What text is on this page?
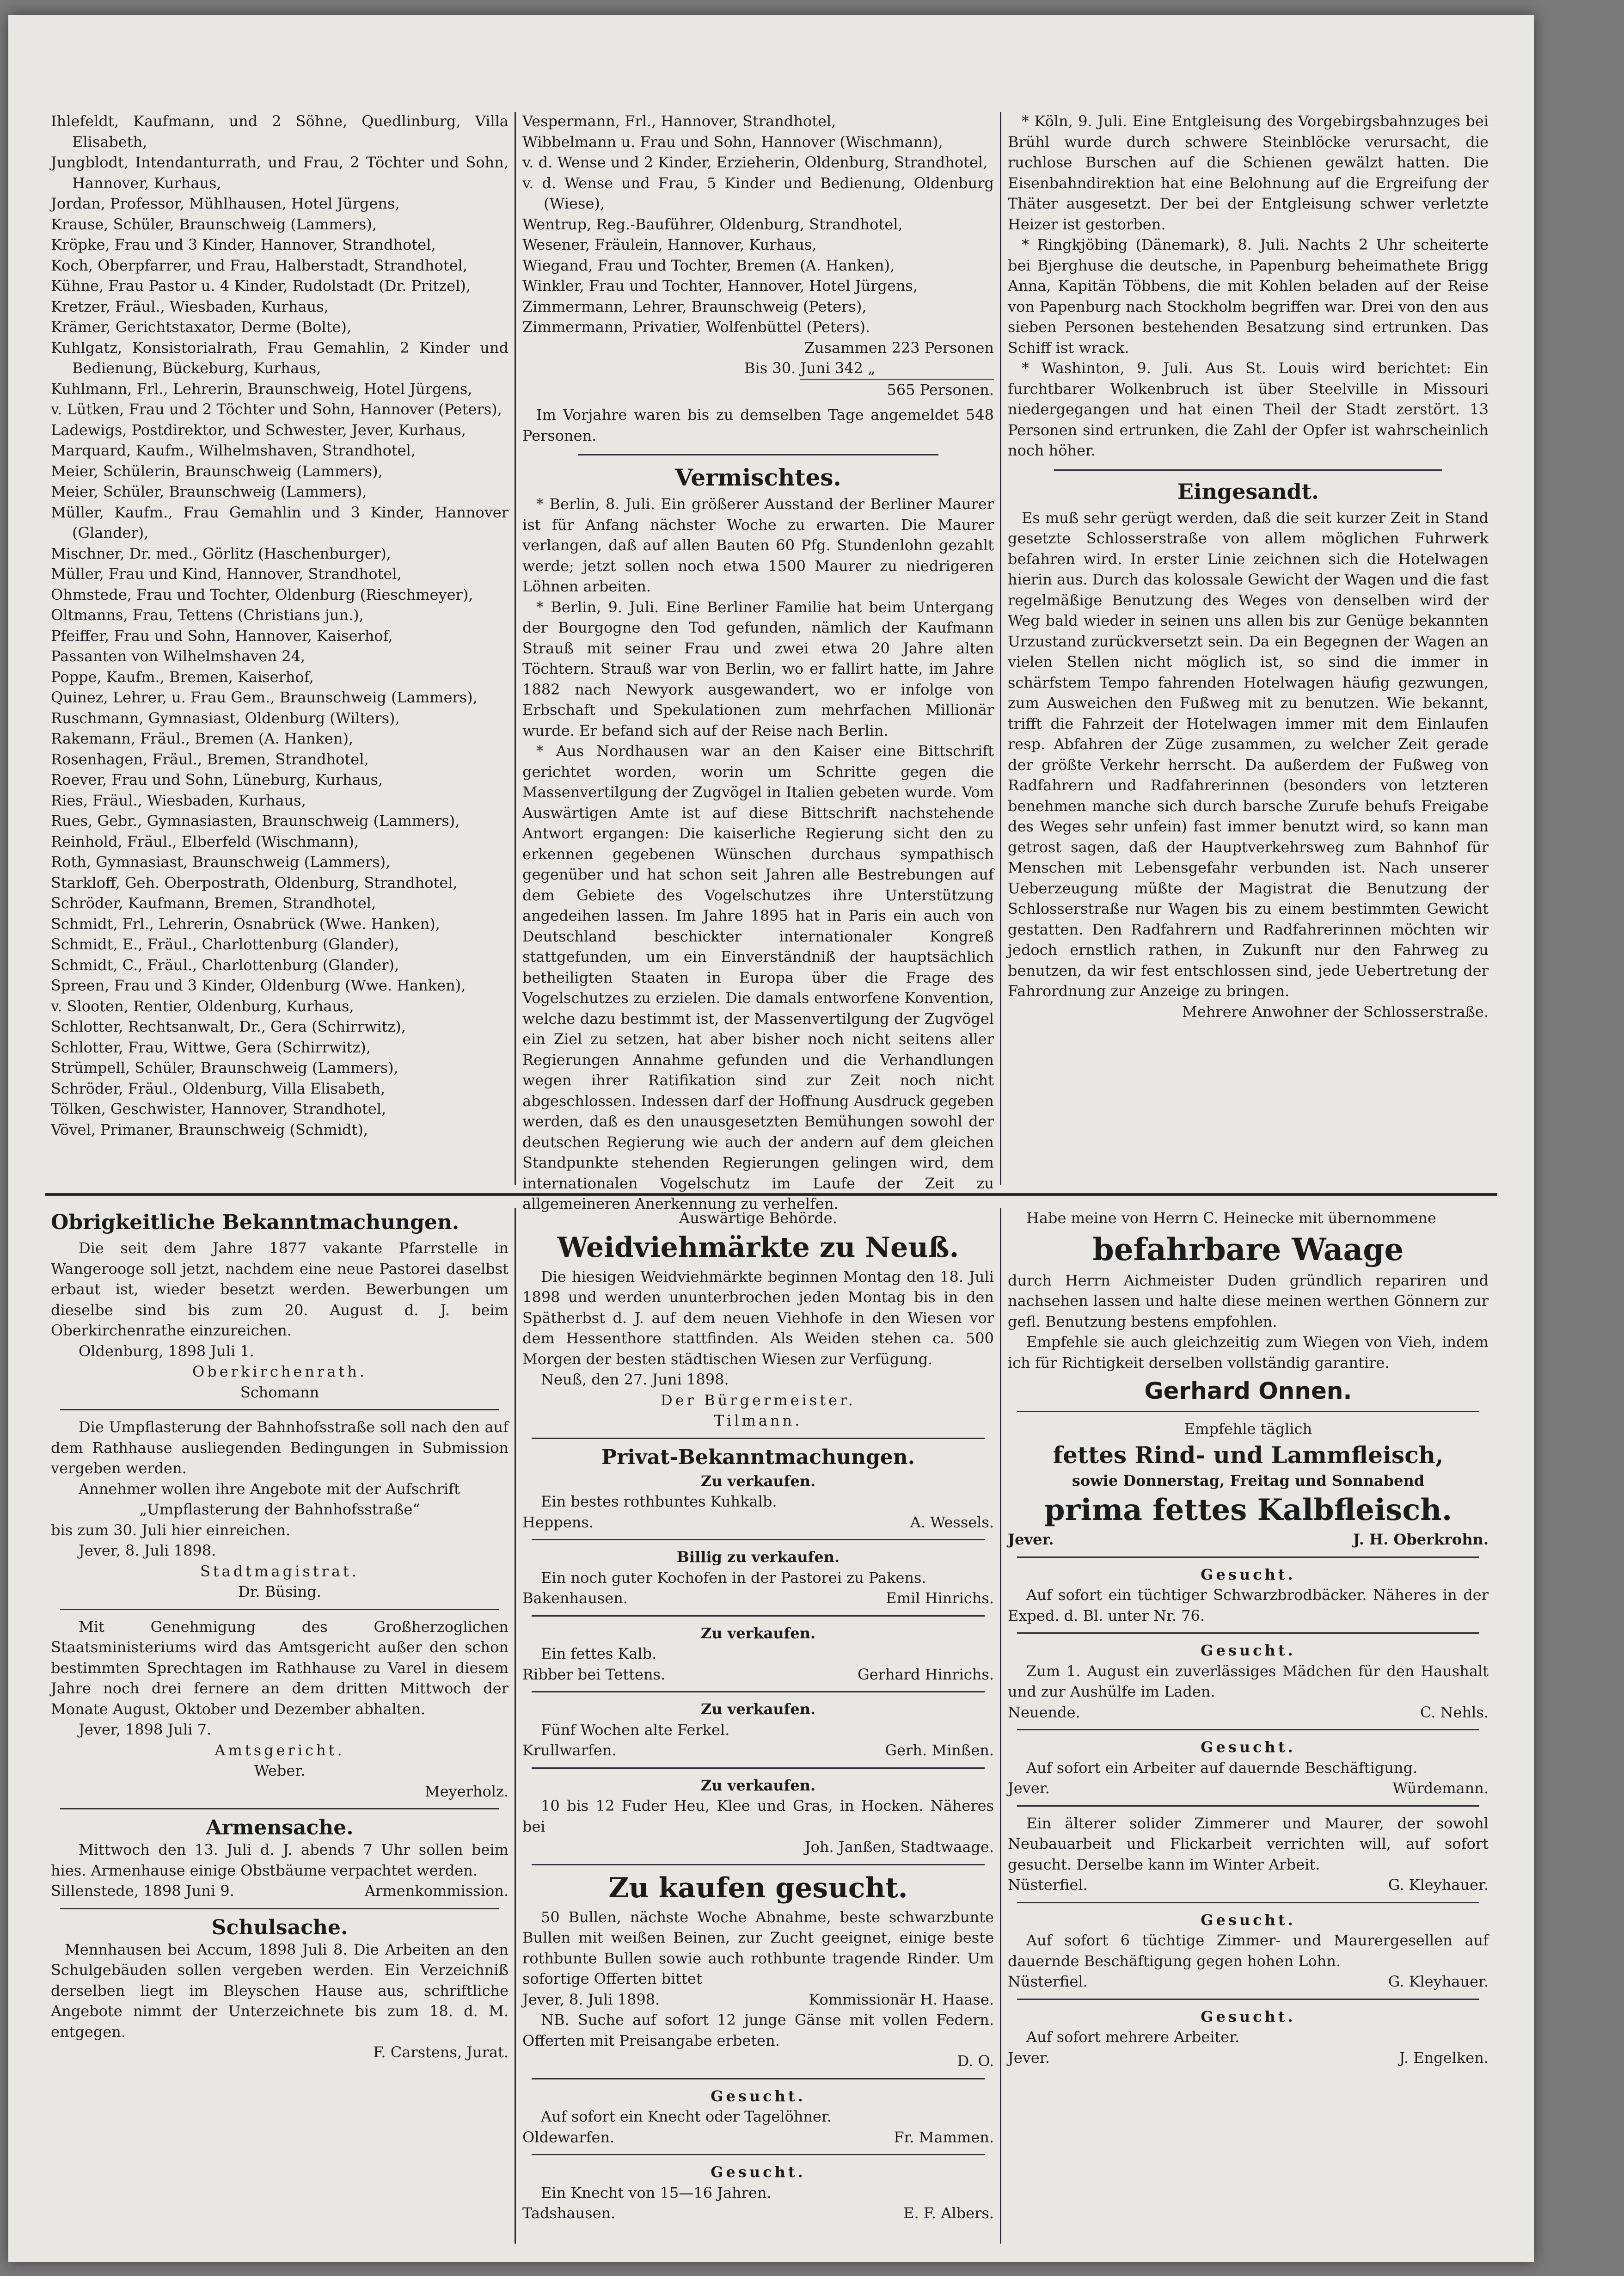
Ihlefeldt, Kaufmann, und 2 Söhne, Quedlinburg, Villa Elisabeth,

Jungblodt, Intendanturrath, und Frau, 2 Töchter und Sohn, Hannover, Kurhaus,

Jordan, Professor, Mühlhausen, Hotel Jürgens,

Krause, Schüler, Braunschweig (Lammers),

Kröpke, Frau und 3 Kinder, Hannover, Strandhotel,

Koch, Oberpfarrer, und Frau, Halberstadt, Strandhotel,

Kühne, Frau Pastor u. 4 Kinder, Rudolstadt (Dr. Pritzel),

Kretzer, Fräul., Wiesbaden, Kurhaus,

Krämer, Gerichtstaxator, Derme (Bolte),

Kuhlgatz, Konsistorialrath, Frau Gemahlin, 2 Kinder und Bedienung, Bückeburg, Kurhaus,

Kuhlmann, Frl., Lehrerin, Braunschweig, Hotel Jürgens,

v. Lütken, Frau und 2 Töchter und Sohn, Hannover (Peters),

Ladewigs, Postdirektor, und Schwester, Jever, Kurhaus,

Marquard, Kaufm., Wilhelmshaven, Strandhotel,

Meier, Schülerin, Braunschweig (Lammers),

Meier, Schüler, Braunschweig (Lammers),

Müller, Kaufm., Frau Gemahlin und 3 Kinder, Hannover (Glander),

Mischner, Dr. med., Görlitz (Haschenburger),

Müller, Frau und Kind, Hannover, Strandhotel,

Ohmstede, Frau und Tochter, Oldenburg (Rieschmeyer),

Oltmanns, Frau, Tettens (Christians jun.),

Pfeiffer, Frau und Sohn, Hannover, Kaiserhof,

Passanten von Wilhelmshaven 24,

Poppe, Kaufm., Bremen, Kaiserhof,

Quinez, Lehrer, u. Frau Gem., Braunschweig (Lammers),

Ruschmann, Gymnasiast, Oldenburg (Wilters),

Rakemann, Fräul., Bremen (A. Hanken),

Rosenhagen, Fräul., Bremen, Strandhotel,

Roever, Frau und Sohn, Lüneburg, Kurhaus,

Ries, Fräul., Wiesbaden, Kurhaus,

Rues, Gebr., Gymnasiasten, Braunschweig (Lammers),

Reinhold, Fräul., Elberfeld (Wischmann),

Roth, Gymnasiast, Braunschweig (Lammers),

Starkloff, Geh. Oberpostrath, Oldenburg, Strandhotel,

Schröder, Kaufmann, Bremen, Strandhotel,

Schmidt, Frl., Lehrerin, Osnabrück (Wwe. Hanken),

Schmidt, E., Fräul., Charlottenburg (Glander),

Schmidt, C., Fräul., Charlottenburg (Glander),

Spreen, Frau und 3 Kinder, Oldenburg (Wwe. Hanken),

v. Slooten, Rentier, Oldenburg, Kurhaus,

Schlotter, Rechtsanwalt, Dr., Gera (Schirrwitz),

Schlotter, Frau, Wittwe, Gera (Schirrwitz),

Strümpell, Schüler, Braunschweig (Lammers),

Schröder, Fräul., Oldenburg, Villa Elisabeth,

Tölken, Geschwister, Hannover, Strandhotel,

Vövel, Primaner, Braunschweig (Schmidt),

Vespermann, Frl., Hannover, Strandhotel,

Wibbelmann u. Frau und Sohn, Hannover (Wischmann),

v. d. Wense und 2 Kinder, Erzieherin, Oldenburg, Strandhotel,

v. d. Wense und Frau, 5 Kinder und Bedienung, Oldenburg (Wiese),

Wentrup, Reg.-Bauführer, Oldenburg, Strandhotel,

Wesener, Fräulein, Hannover, Kurhaus,

Wiegand, Frau und Tochter, Bremen (A. Hanken),

Winkler, Frau und Tochter, Hannover, Hotel Jürgens,

Zimmermann, Lehrer, Braunschweig (Peters),

Zimmermann, Privatier, Wolfenbüttel (Peters).

Zusammen 223 Personen

Bis 30. Juni 342 „

565 Personen.

Im Vorjahre waren bis zu demselben Tage angemeldet 548 Personen.

Vermischtes.

* Berlin, 8. Juli. Ein größerer Ausstand der Berliner Maurer ist für Anfang nächster Woche zu erwarten. Die Maurer verlangen, daß auf allen Bauten 60 Pfg. Stundenlohn gezahlt werde; jetzt sollen noch etwa 1500 Maurer zu niedrigeren Löhnen arbeiten.

* Berlin, 9. Juli. Eine Berliner Familie hat beim Untergang der Bourgogne den Tod gefunden, nämlich der Kaufmann Strauß mit seiner Frau und zwei etwa 20 Jahre alten Töchtern. Strauß war von Berlin, wo er fallirt hatte, im Jahre 1882 nach Newyork ausgewandert, wo er infolge von Erbschaft und Spekulationen zum mehrfachen Millionär wurde. Er befand sich auf der Reise nach Berlin.

* Aus Nordhausen war an den Kaiser eine Bittschrift gerichtet worden, worin um Schritte gegen die Massenvertilgung der Zugvögel in Italien gebeten wurde. Vom Auswärtigen Amte ist auf diese Bittschrift nachstehende Antwort ergangen: Die kaiserliche Regierung sicht den zu erkennen gegebenen Wünschen durchaus sympathisch gegenüber und hat schon seit Jahren alle Bestrebungen auf dem Gebiete des Vogelschutzes ihre Unterstützung angedeihen lassen. Im Jahre 1895 hat in Paris ein auch von Deutschland beschickter internationaler Kongreß stattgefunden, um ein Einverständniß der hauptsächlich betheiligten Staaten in Europa über die Frage des Vogelschutzes zu erzielen. Die damals entworfene Konvention, welche dazu bestimmt ist, der Massenvertilgung der Zugvögel ein Ziel zu setzen, hat aber bisher noch nicht seitens aller Regierungen Annahme gefunden und die Verhandlungen wegen ihrer Ratifikation sind zur Zeit noch nicht abgeschlossen. Indessen darf der Hoffnung Ausdruck gegeben werden, daß es den unausgesetzten Bemühungen sowohl der deutschen Regierung wie auch der andern auf dem gleichen Standpunkte stehenden Regierungen gelingen wird, dem internationalen Vogelschutz im Laufe der Zeit zu allgemeineren Anerkennung zu verhelfen.

* Köln, 9. Juli. Eine Entgleisung des Vorgebirgsbahnzuges bei Brühl wurde durch schwere Steinblöcke verursacht, die ruchlose Burschen auf die Schienen gewälzt hatten. Die Eisenbahndirektion hat eine Belohnung auf die Ergreifung der Thäter ausgesetzt. Der bei der Entgleisung schwer verletzte Heizer ist gestorben.

* Ringkjöbing (Dänemark), 8. Juli. Nachts 2 Uhr scheiterte bei Bjerghuse die deutsche, in Papenburg beheimathete Brigg Anna, Kapitän Többens, die mit Kohlen beladen auf der Reise von Papenburg nach Stockholm begriffen war. Drei von den aus sieben Personen bestehenden Besatzung sind ertrunken. Das Schiff ist wrack.

* Washinton, 9. Juli. Aus St. Louis wird berichtet: Ein furchtbarer Wolkenbruch ist über Steelville in Missouri niedergegangen und hat einen Theil der Stadt zerstört. 13 Personen sind ertrunken, die Zahl der Opfer ist wahrscheinlich noch höher.

Eingesandt.

Es muß sehr gerügt werden, daß die seit kurzer Zeit in Stand gesetzte Schlosserstraße von allem möglichen Fuhrwerk befahren wird. In erster Linie zeichnen sich die Hotelwagen hierin aus. Durch das kolossale Gewicht der Wagen und die fast regelmäßige Benutzung des Weges von denselben wird der Weg bald wieder in seinen uns allen bis zur Genüge bekannten Urzustand zurückversetzt sein. Da ein Begegnen der Wagen an vielen Stellen nicht möglich ist, so sind die immer in schärfstem Tempo fahrenden Hotelwagen häufig gezwungen, zum Ausweichen den Fußweg mit zu benutzen. Wie bekannt, trifft die Fahrzeit der Hotelwagen immer mit dem Einlaufen resp. Abfahren der Züge zusammen, zu welcher Zeit gerade der größte Verkehr herrscht. Da außerdem der Fußweg von Radfahrern und Radfahrerinnen (besonders von letzteren benehmen manche sich durch barsche Zurufe behufs Freigabe des Weges sehr unfein) fast immer benutzt wird, so kann man getrost sagen, daß der Hauptverkehrsweg zum Bahnhof für Menschen mit Lebensgefahr verbunden ist. Nach unserer Ueberzeugung müßte der Magistrat die Benutzung der Schlosserstraße nur Wagen bis zu einem bestimmten Gewicht gestatten. Den Radfahrern und Radfahrerinnen möchten wir jedoch ernstlich rathen, in Zukunft nur den Fahrweg zu benutzen, da wir fest entschlossen sind, jede Uebertretung der Fahrordnung zur Anzeige zu bringen.

Mehrere Anwohner der Schlosserstraße.

Obrigkeitliche Bekanntmachungen.

Die seit dem Jahre 1877 vakante Pfarrstelle in Wangerooge soll jetzt, nachdem eine neue Pastorei daselbst erbaut ist, wieder besetzt werden. Bewerbungen um dieselbe sind bis zum 20. August d. J. beim Oberkirchenrathe einzureichen.

Oldenburg, 1898 Juli 1.

Oberkirchenrath.

Schomann

Die Umpflasterung der Bahnhofsstraße soll nach den auf dem Rathhause ausliegenden Bedingungen in Submission vergeben werden.

Annehmer wollen ihre Angebote mit der Aufschrift

„Umpflasterung der Bahnhofsstraße“

bis zum 30. Juli hier einreichen.

Jever, 8. Juli 1898.

Stadtmagistrat.

Dr. Büsing.

Mit Genehmigung des Großherzoglichen Staatsministeriums wird das Amtsgericht außer den schon bestimmten Sprechtagen im Rathhause zu Varel in diesem Jahre noch drei fernere an dem dritten Mittwoch der Monate August, Oktober und Dezember abhalten.

Jever, 1898 Juli 7.

Amtsgericht.

Weber.

Meyerholz.

Armensache.

Mittwoch den 13. Juli d. J. abends 7 Uhr sollen beim hies. Armenhause einige Obstbäume verpachtet werden.

Sillenstede, 1898 Juni 9.	Armenkommission.

Schulsache.

Mennhausen bei Accum, 1898 Juli 8. Die Arbeiten an den Schulgebäuden sollen vergeben werden. Ein Verzeichniß derselben liegt im Bleyschen Hause aus, schriftliche Angebote nimmt der Unterzeichnete bis zum 18. d. M. entgegen.

F. Carstens, Jurat.

Auswärtige Behörde.

Weidviehmärkte zu Neuß.

Die hiesigen Weidviehmärkte beginnen Montag den 18. Juli 1898 und werden ununterbrochen jeden Montag bis in den Spätherbst d. J. auf dem neuen Viehhofe in den Wiesen vor dem Hessenthore stattfinden. Als Weiden stehen ca. 500 Morgen der besten städtischen Wiesen zur Verfügung.

Neuß, den 27. Juni 1898.

Der Bürgermeister.

Tilmann.

Privat-Bekanntmachungen.

Zu verkaufen.

Ein bestes rothbuntes Kuhkalb.

Heppens.	A. Wessels.

Billig zu verkaufen.

Ein noch guter Kochofen in der Pastorei zu Pakens.

Bakenhausen.	Emil Hinrichs.

Zu verkaufen.

Ein fettes Kalb.

Ribber bei Tettens.	Gerhard Hinrichs.

Zu verkaufen.

Fünf Wochen alte Ferkel.

Krullwarfen.	Gerh. Minßen.

Zu verkaufen.

10 bis 12 Fuder Heu, Klee und Gras, in Hocken. Näheres bei

Joh. Janßen, Stadtwaage.

Zu kaufen gesucht.

50 Bullen, nächste Woche Abnahme, beste schwarzbunte Bullen mit weißen Beinen, zur Zucht geeignet, einige beste rothbunte Bullen sowie auch rothbunte tragende Rinder. Um sofortige Offerten bittet

Jever, 8. Juli 1898.	Kommissionär H. Haase.

NB. Suche auf sofort 12 junge Gänse mit vollen Federn. Offerten mit Preisangabe erbeten.

D. O.

Gesucht.

Auf sofort ein Knecht oder Tagelöhner.

Oldewarfen.	Fr. Mammen.

Gesucht.

Ein Knecht von 15—16 Jahren.

Tadshausen.	E. F. Albers.

Habe meine von Herrn C. Heinecke mit übernommene

befahrbare Waage

durch Herrn Aichmeister Duden gründlich repariren und nachsehen lassen und halte diese meinen werthen Gönnern zur gefl. Benutzung bestens empfohlen.

Empfehle sie auch gleichzeitig zum Wiegen von Vieh, indem ich für Richtigkeit derselben vollständig garantire.

Gerhard Onnen.

Empfehle täglich

fettes Rind- und Lammfleisch,

sowie Donnerstag, Freitag und Sonnabend

prima fettes Kalbfleisch.

Jever.	J. H. Oberkrohn.

Gesucht.

Auf sofort ein tüchtiger Schwarzbrodbäcker. Näheres in der Exped. d. Bl. unter Nr. 76.

Gesucht.

Zum 1. August ein zuverlässiges Mädchen für den Haushalt und zur Aushülfe im Laden.

Neuende.	C. Nehls.

Gesucht.

Auf sofort ein Arbeiter auf dauernde Beschäftigung.

Jever.	Würdemann.

Ein älterer solider Zimmerer und Maurer, der sowohl Neubauarbeit und Flickarbeit verrichten will, auf sofort gesucht. Derselbe kann im Winter Arbeit.

Nüsterfiel.	G. Kleyhauer.

Gesucht.

Auf sofort 6 tüchtige Zimmer- und Maurergesellen auf dauernde Beschäftigung gegen hohen Lohn.

Nüsterfiel.	G. Kleyhauer.

Gesucht.

Auf sofort mehrere Arbeiter.

Jever.	J. Engelken.
